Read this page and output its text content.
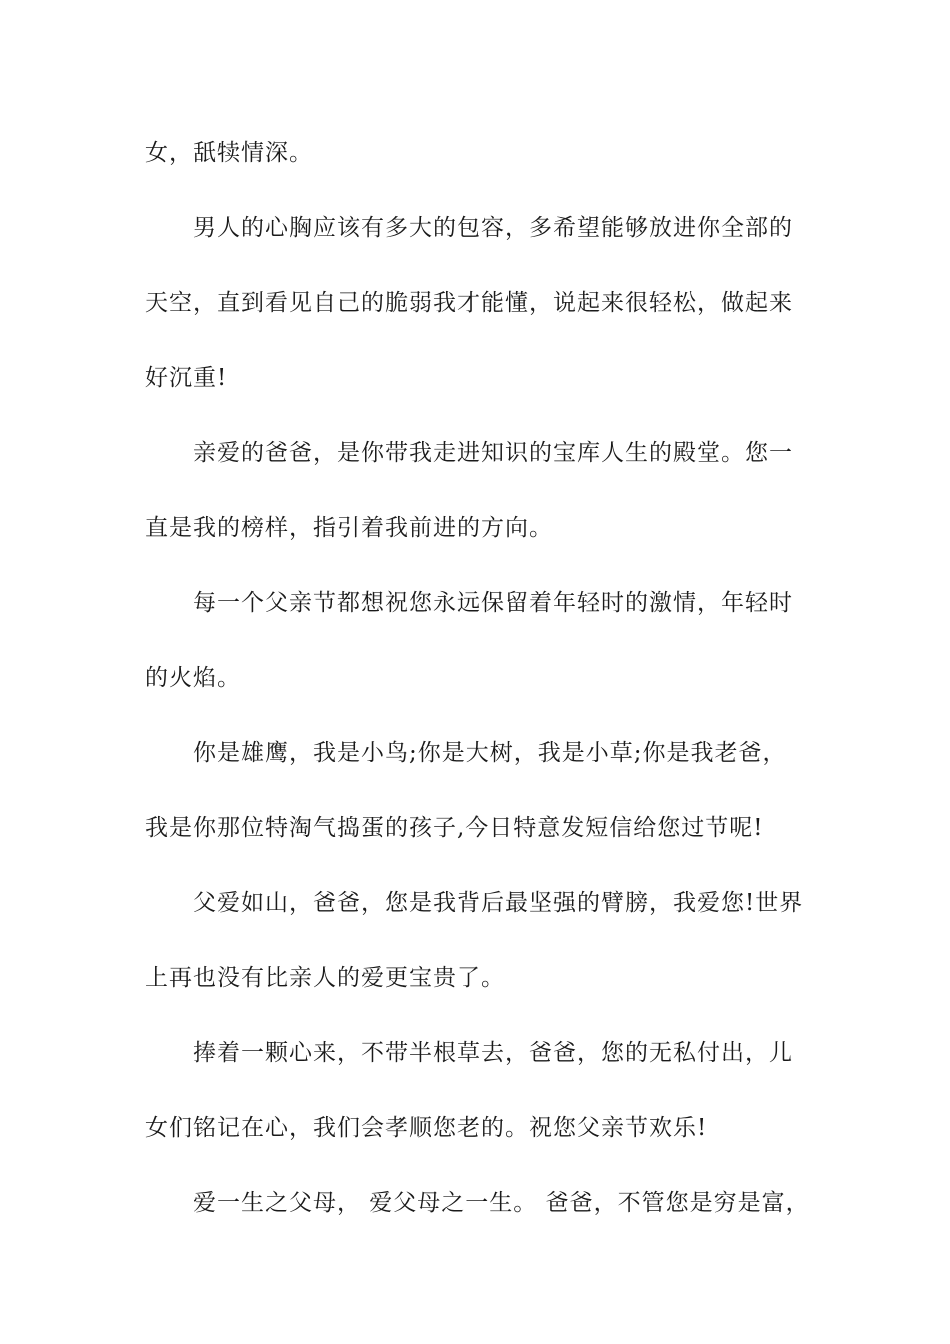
女，舐犊情深。
男人的心胸应该有多大的包容，多希望能够放进你全部的
天空，直到看见自己的脆弱我才能懂，说起来很轻松，做起来
好沉重!
亲爱的爸爸，是你带我走进知识的宝库人生的殿堂。您一
直是我的榜样，指引着我前进的方向。
每一个父亲节都想祝您永远保留着年轻时的激情，年轻时
的火焰。
你是雄鹰，我是小鸟;你是大树，我是小草;你是我老爸，
我是你那位特淘气捣蛋的孩子,今日特意发短信给您过节呢!
父爱如山，爸爸，您是我背后最坚强的臂膀，我爱您!世界
上再也没有比亲人的爱更宝贵了。
捧着一颗心来，不带半根草去，爸爸，您的无私付出，儿
女们铭记在心，我们会孝顺您老的。祝您父亲节欢乐!
爱一生之父母， 爱父母之一生。 爸爸，不管您是穷是富，
